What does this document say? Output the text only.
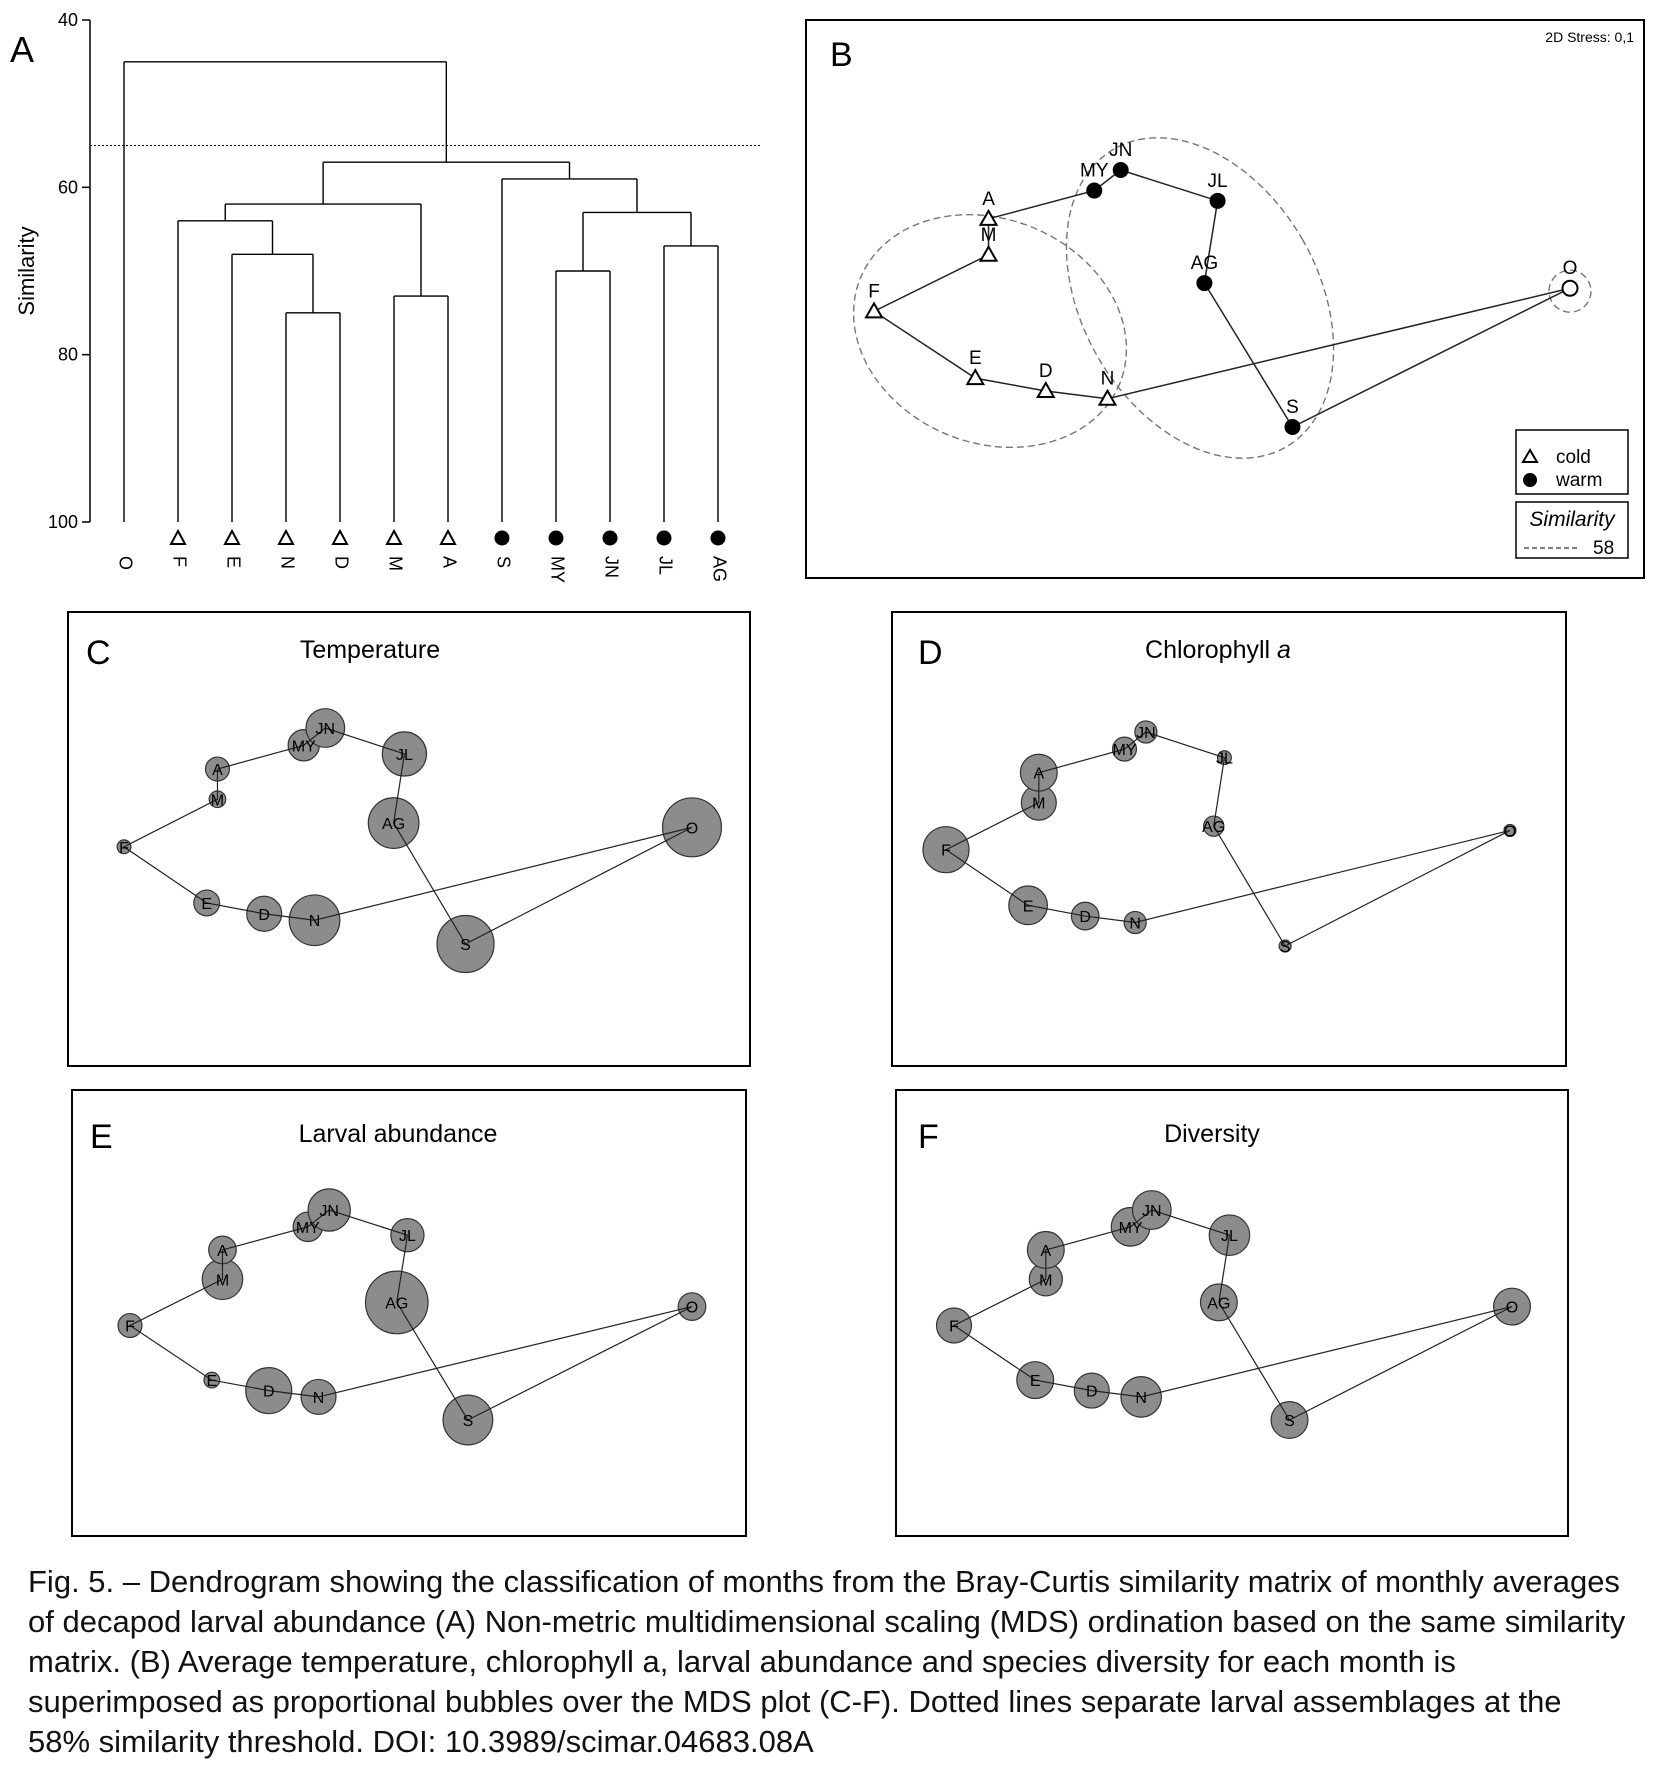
A
40
60
80
100
Similarity
O F E N D M A S MY JN JL AG
B	2D Stress: 0,1
F
E
D	N
M
A
MY
JN
JL
AG
S
O
cold
warm
Similarity
58
C	Temperature
F
E
D N
M
A
MY
JN
JL
AG
S
O
D	Chlorophyll a
F
E
D N
M
A
MY
JN
JL
AG
S
O
E	Larval abundance
F
E
D N
M
A
MY
JN
JL
AG
S
O
F	Diversity
F
E
D N
M
A
MY
JN
JL
AG
S
O

Fig. 5. – Dendrogram showing the classification of months from the Bray-Curtis similarity matrix of monthly averages of decapod larval abundance (A) Non-metric multidimensional scaling (MDS) ordination based on the same similarity matrix. (B) Average temperature, chlorophyll a, larval abundance and species diversity for each month is superimposed as proportional bubbles over the MDS plot (C-F). Dotted lines separate larval assemblages at the 58% similarity threshold. DOI: 10.3989/scimar.04683.08A
